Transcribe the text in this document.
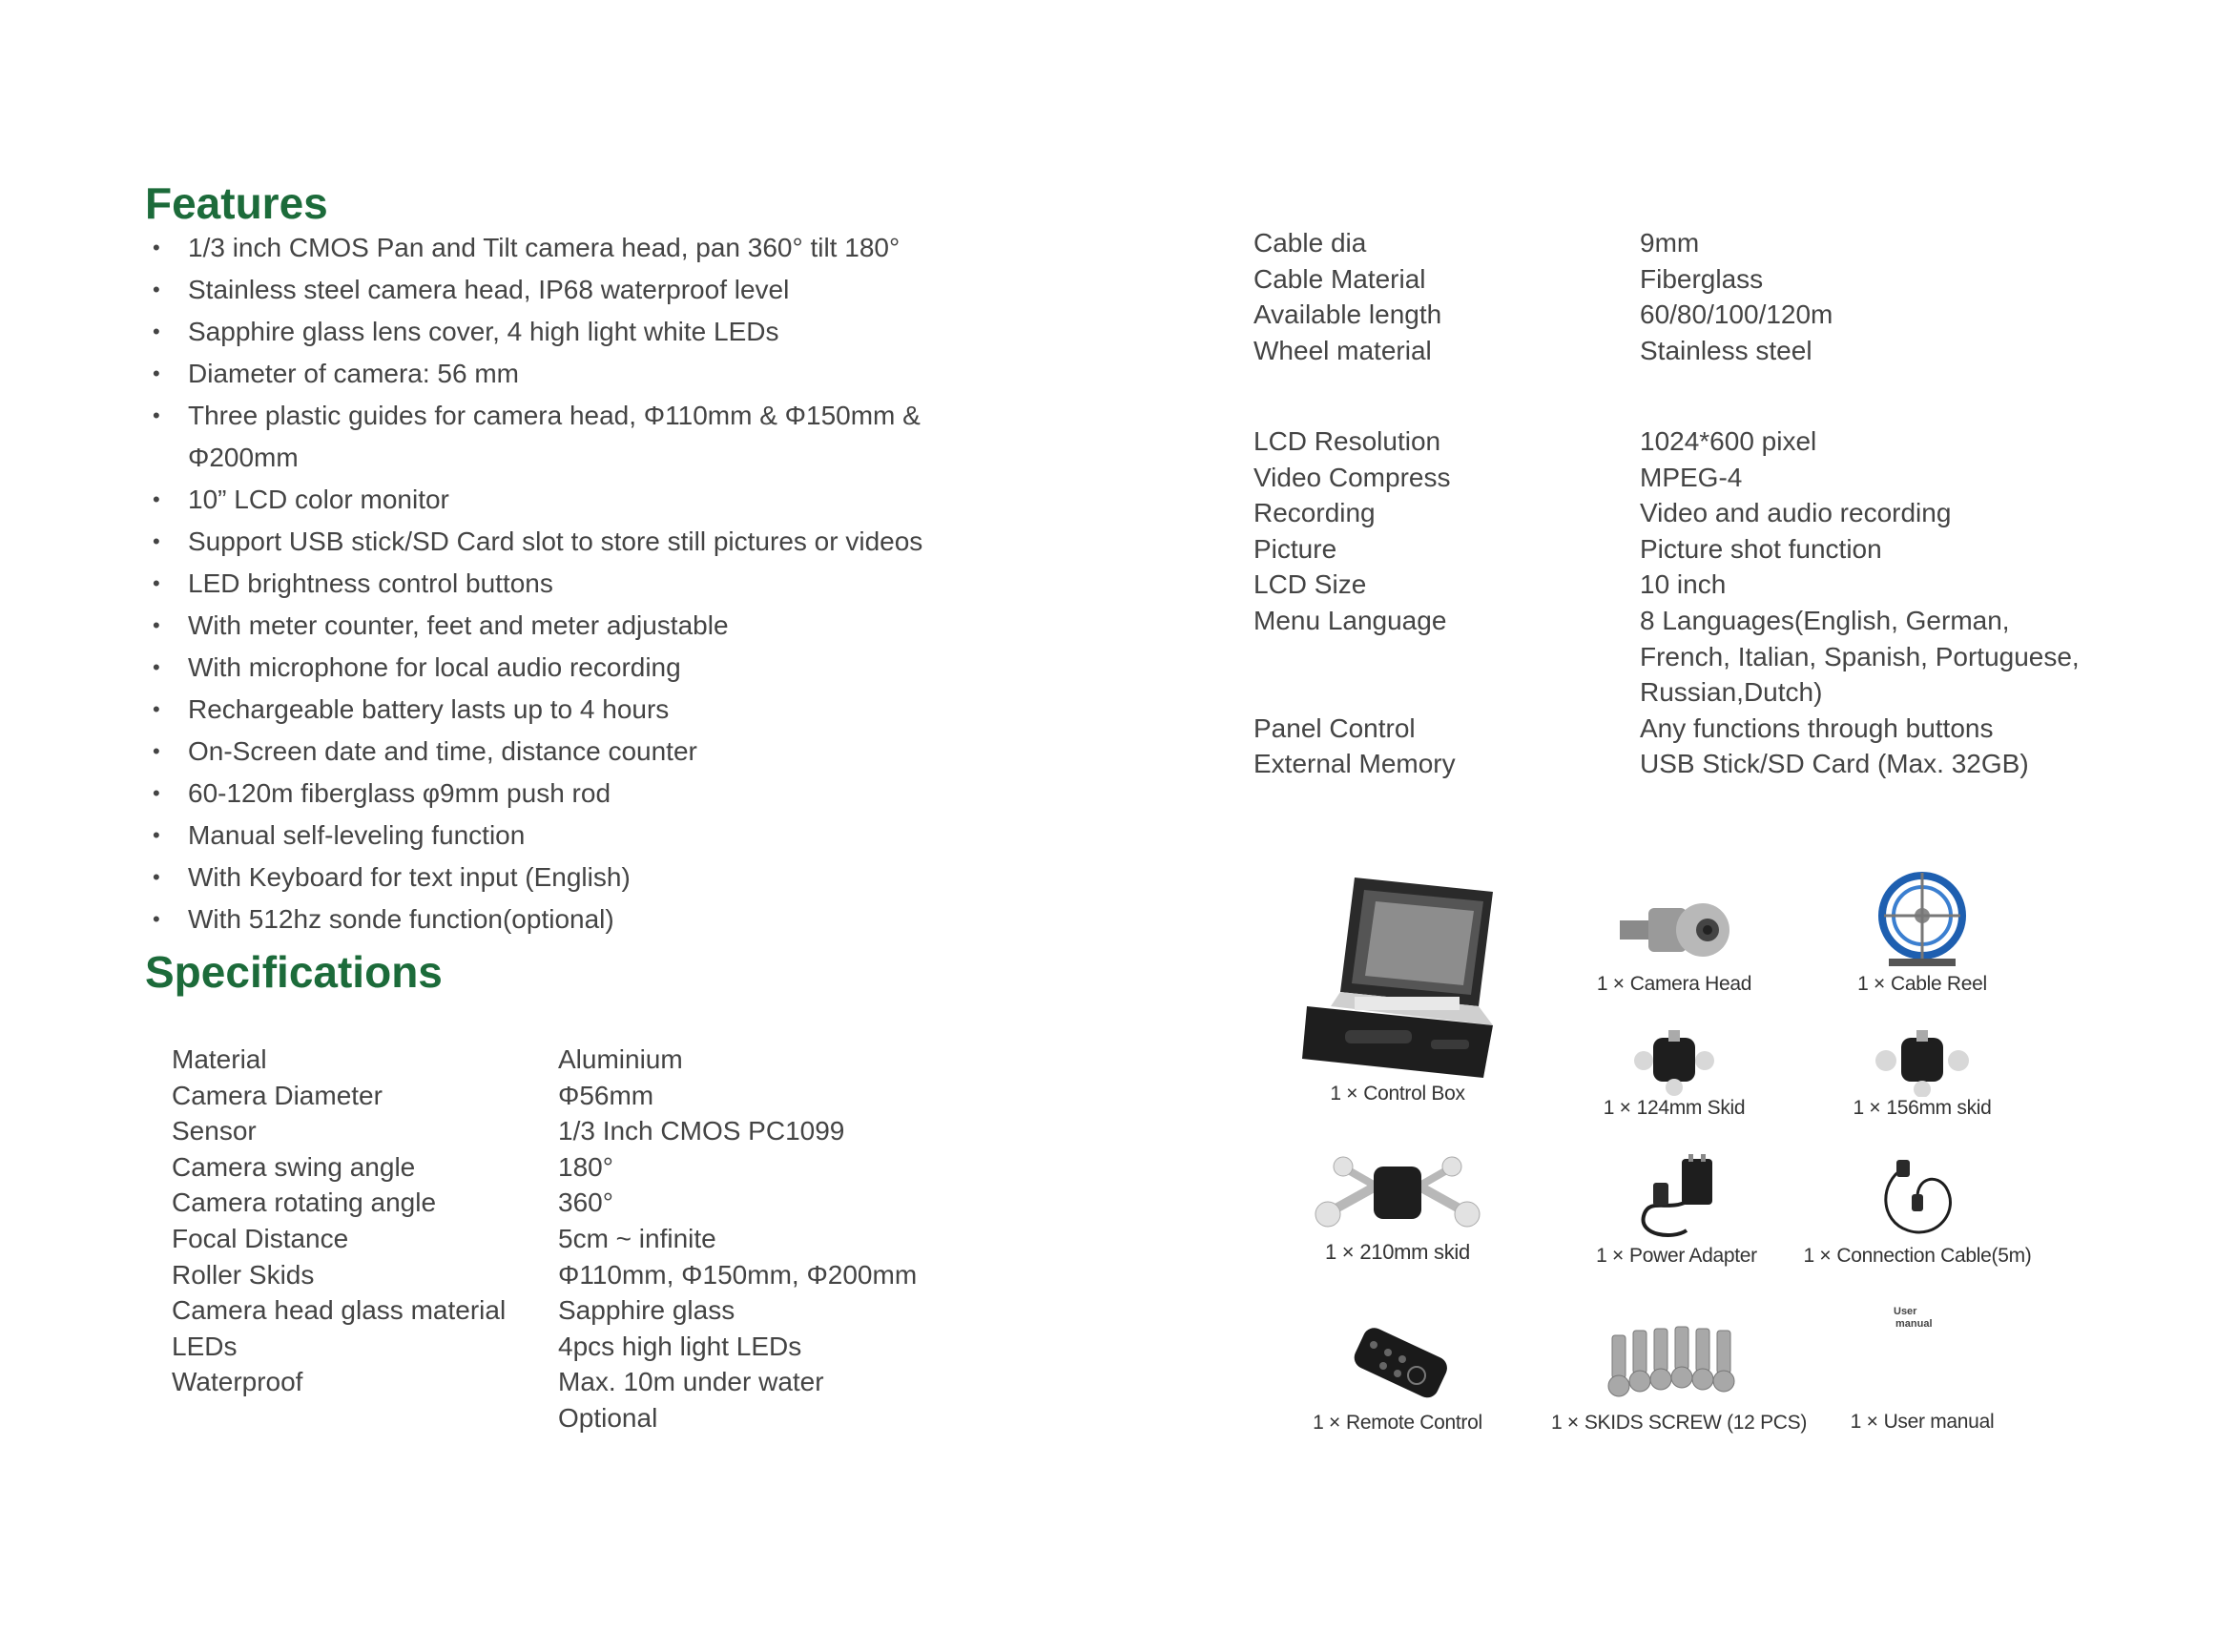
Features
• 1/3 inch CMOS Pan and Tilt camera head, pan 360° tilt 180°
• Stainless steel camera head, IP68 waterproof level
• Sapphire glass lens cover, 4 high light white LEDs
• Diameter of camera: 56 mm
• Three plastic guides for camera head, Φ110mm & Φ150mm & Φ200mm
• 10” LCD color monitor
• Support USB stick/SD Card slot to store still pictures or videos
• LED brightness control buttons
• With meter counter, feet and meter adjustable
• With microphone for local audio recording
• Rechargeable battery lasts up to 4 hours
• On-Screen date and time, distance counter
• 60-120m fiberglass φ9mm push rod
• Manual self-leveling function
• With Keyboard for text input (English)
• With 512hz sonde function(optional)
Specifications
Material	Aluminium
Camera Diameter	Φ56mm
Sensor	1/3 Inch CMOS PC1099
Camera swing angle	180°
Camera rotating angle	360°
Focal Distance	5cm ~ infinite
Roller Skids	Φ110mm, Φ150mm, Φ200mm
Camera head glass material	Sapphire glass
LEDs	4pcs high light LEDs
Waterproof	Max. 10m under water
Optional
Cable dia	9mm
Cable Material	Fiberglass
Available length	60/80/100/120m
Wheel material	Stainless steel
LCD Resolution	1024*600 pixel
Video Compress	MPEG-4
Recording	Video and audio recording
Picture	Picture shot function
LCD Size	10 inch
Menu Language	8 Languages(English, German, French, Italian, Spanish, Portuguese, Russian,Dutch)
Panel Control	Any functions through buttons
External Memory	USB Stick/SD Card (Max. 32GB)
1 × Control Box
1 × Camera Head	1 × Cable Reel
1 × 124mm Skid	1 × 156mm skid
1 × 210mm skid	1 × Power Adapter	1 × Connection Cable(5m)
1 × Remote Control	1 × SKIDS SCREW (12 PCS)
User
manual
1 × User manual
